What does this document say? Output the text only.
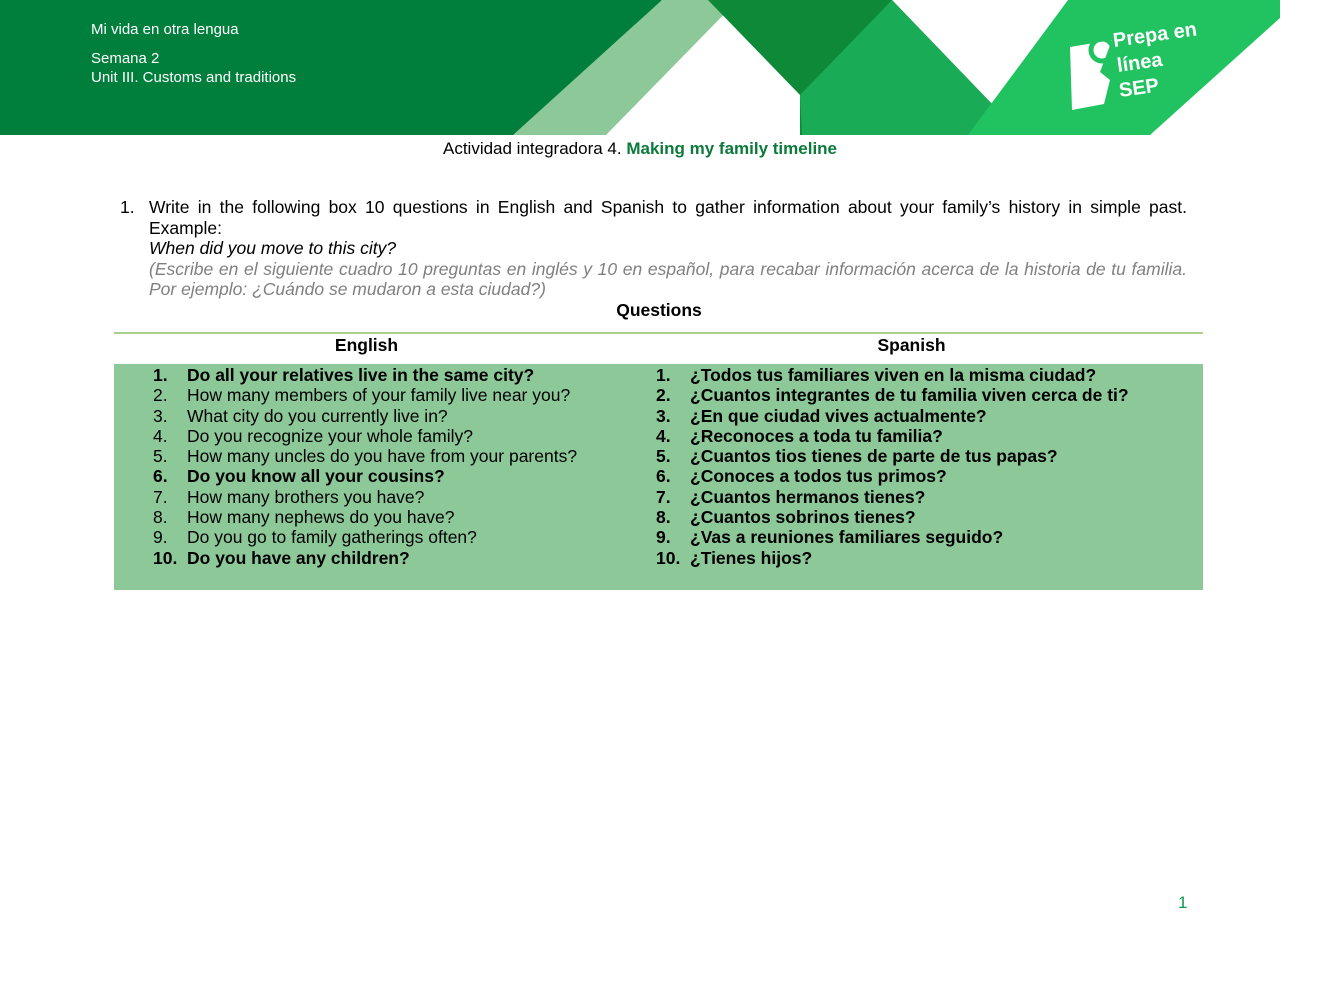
Mi vida en otra lengua
Semana 2
Unit III. Customs and traditions
Prepa en
línea
SEP
Actividad integradora 4. Making my family timeline
1. Write in the following box 10 questions in English and Spanish to gather information about your family’s history in simple past. Example:
When did you move to this city?
(Escribe en el siguiente cuadro 10 preguntas en inglés y 10 en español, para recabar información acerca de la historia de tu familia. Por ejemplo: ¿Cuándo se mudaron a esta ciudad?)
Questions
English	Spanish
1. Do all your relatives live in the same city?
2. How many members of your family live near you?
3. What city do you currently live in?
4. Do you recognize your whole family?
5. How many uncles do you have from your parents?
6. Do you know all your cousins?
7. How many brothers you have?
8. How many nephews do you have?
9. Do you go to family gatherings often?
10. Do you have any children?
1. ¿Todos tus familiares viven en la misma ciudad?
2. ¿Cuantos integrantes de tu familia viven cerca de ti?
3. ¿En que ciudad vives actualmente?
4. ¿Reconoces a toda tu familia?
5. ¿Cuantos tios tienes de parte de tus papas?
6. ¿Conoces a todos tus primos?
7. ¿Cuantos hermanos tienes?
8. ¿Cuantos sobrinos tienes?
9. ¿Vas a reuniones familiares seguido?
10. ¿Tienes hijos?
1
